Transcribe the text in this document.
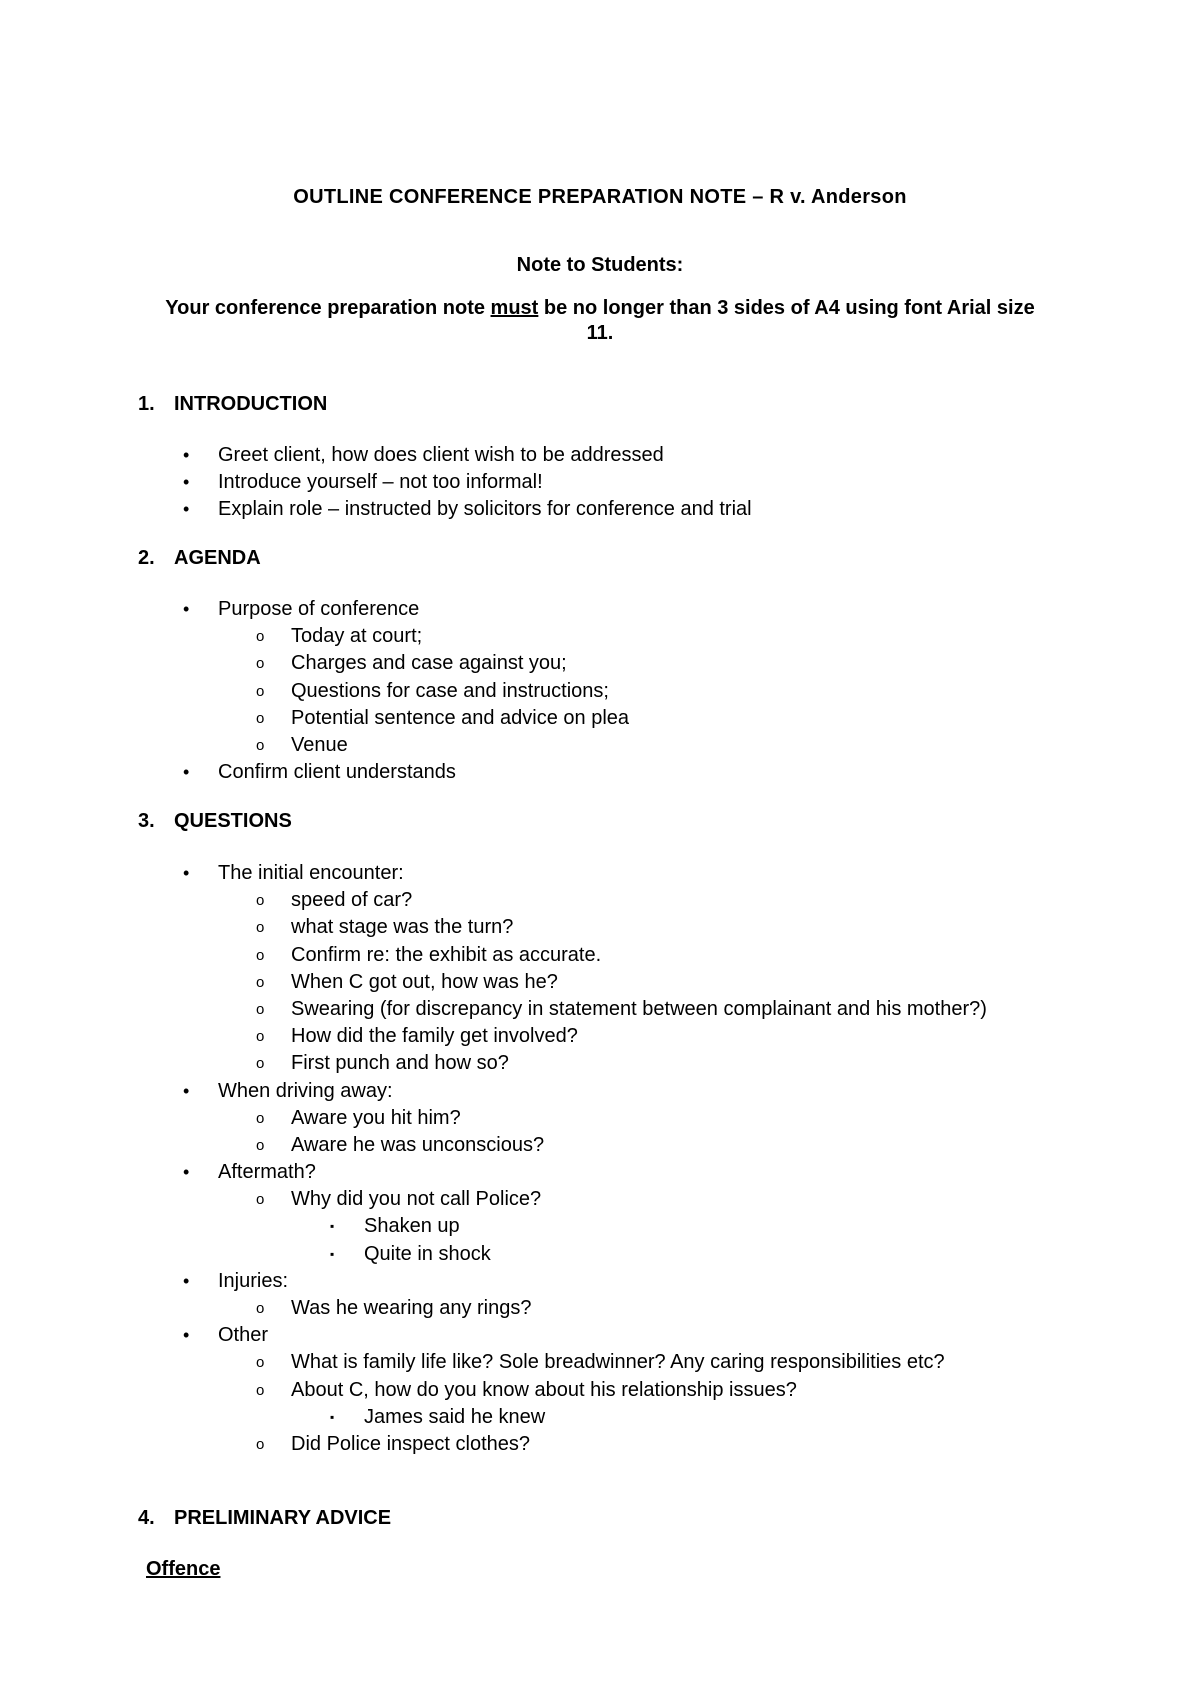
OUTLINE CONFERENCE PREPARATION NOTE – R v. Anderson
Note to Students:
Your conference preparation note must be no longer than 3 sides of A4 using font Arial size 11.
1. INTRODUCTION
• Greet client, how does client wish to be addressed
• Introduce yourself – not too informal!
• Explain role – instructed by solicitors for conference and trial
2. AGENDA
• Purpose of conference
o Today at court;
o Charges and case against you;
o Questions for case and instructions;
o Potential sentence and advice on plea
o Venue
• Confirm client understands
3. QUESTIONS
• The initial encounter:
o speed of car?
o what stage was the turn?
o Confirm re: the exhibit as accurate.
o When C got out, how was he?
o Swearing (for discrepancy in statement between complainant and his mother?)
o How did the family get involved?
o First punch and how so?
• When driving away:
o Aware you hit him?
o Aware he was unconscious?
• Aftermath?
o Why did you not call Police?
▪ Shaken up
▪ Quite in shock
• Injuries:
o Was he wearing any rings?
• Other
o What is family life like? Sole breadwinner? Any caring responsibilities etc?
o About C, how do you know about his relationship issues?
▪ James said he knew
o Did Police inspect clothes?
4. PRELIMINARY ADVICE
Offence
